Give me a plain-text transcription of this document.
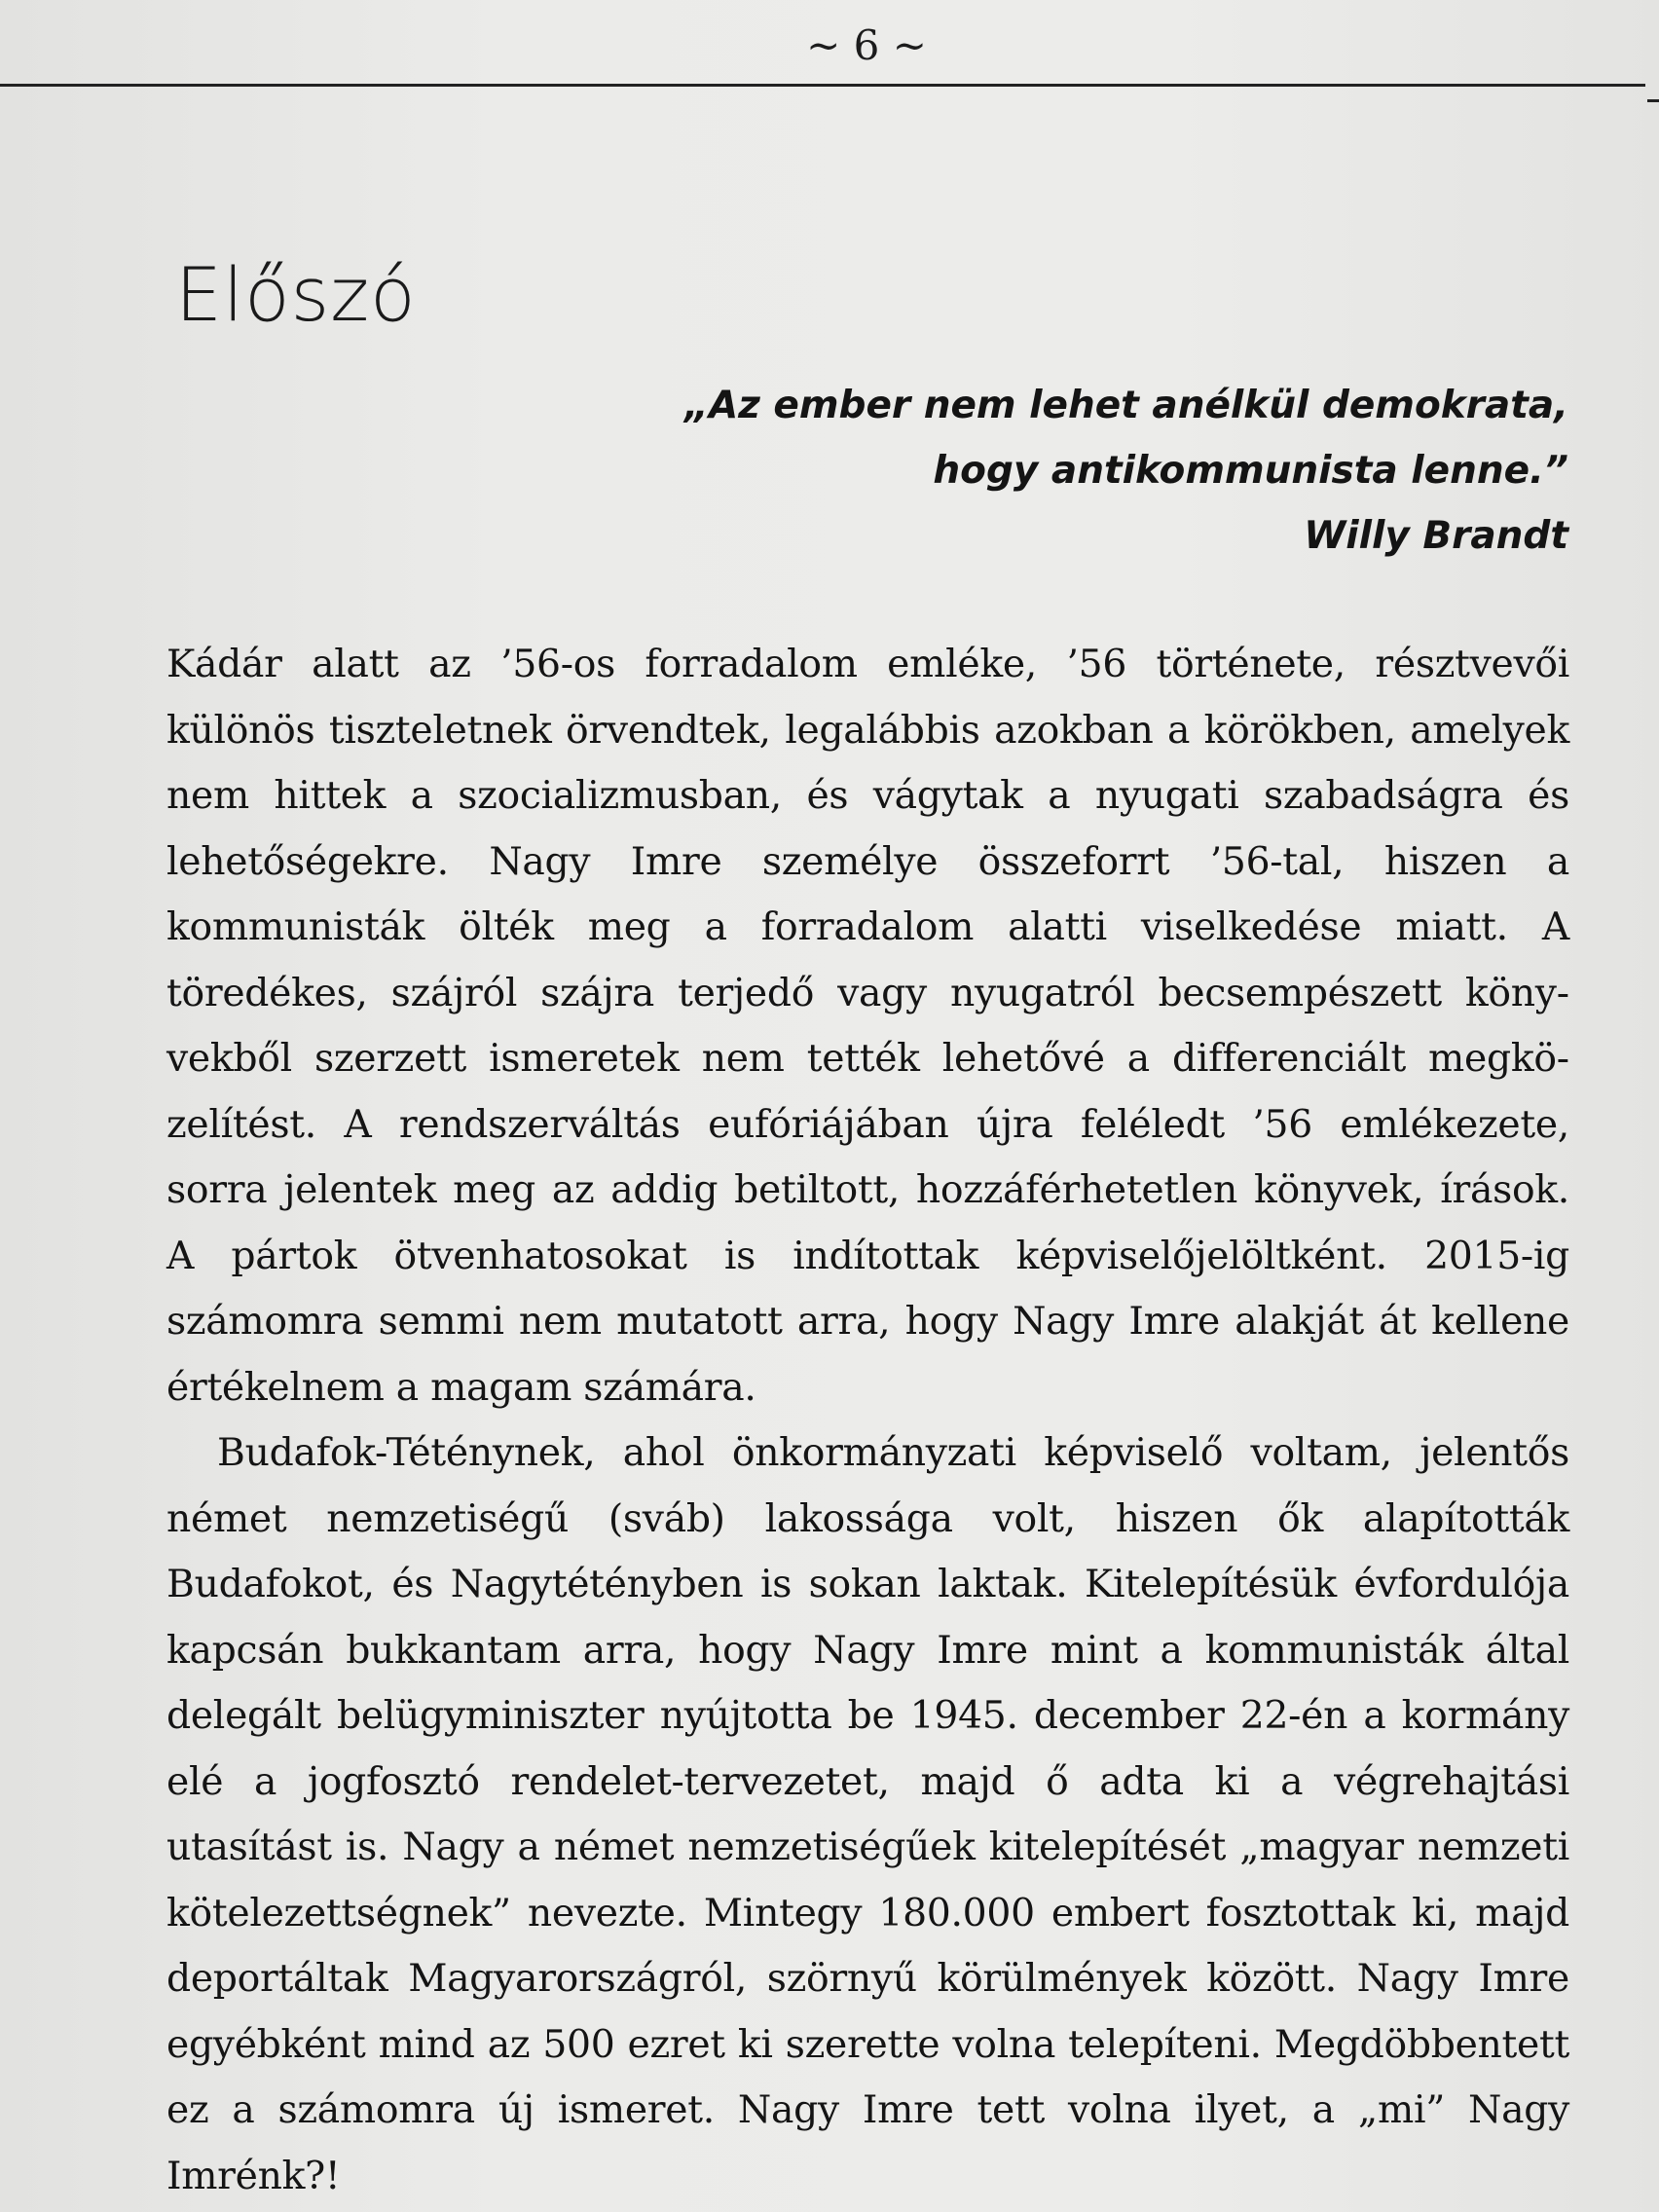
~ 6 ~
Előszó
„Az ember nem lehet anélkül demokrata,
hogy antikommunista lenne.”
Willy Brandt

Kádár alatt az ’56-os forradalom emléke, ’56 története, résztvevői különös tiszteletnek örvendtek, legalábbis azokban a körökben, amelyek nem hittek a szocializmusban, és vágytak a nyugati szabadságra és lehetőségekre. Nagy Imre személye összeforrt ’56-tal, hiszen a kommunisták ölték meg a forradalom alatti viselkedése miatt. A töredékes, szájról szájra terjedő vagy nyugatról becsempészett könyvekből szerzett ismeretek nem tették lehetővé a differenciált megközelítést. A rendszerváltás eufóriájában újra feléledt ’56 emlékezete, sorra jelentek meg az addig betiltott, hozzáférhetetlen könyvek, írások. A pártok ötvenhatosokat is indítottak képviselőjelöltként. 2015-ig számomra semmi nem mutatott arra, hogy Nagy Imre alakját át kellene értékelnem a magam számára.

Budafok-Téténynek, ahol önkormányzati képviselő voltam, jelentős német nemzetiségű (sváb) lakossága volt, hiszen ők alapították Budafokot, és Nagytétényben is sokan laktak. Kitelepítésük évfordulója kapcsán bukkantam arra, hogy Nagy Imre mint a kommunisták által delegált belügyminiszter nyújtotta be 1945. december 22-én a kormány elé a jogfosztó rendelet-tervezetet, majd ő adta ki a végrehajtási utasítást is. Nagy a német nemzetiségűek kitelepítését „magyar nemzeti kötelezettségnek” nevezte. Mintegy 180.000 embert fosztottak ki, majd deportáltak Magyarországról, szörnyű körülmények között. Nagy Imre egyébként mind az 500 ezret ki szerette volna telepíteni. Megdöbbentett ez a számomra új ismeret. Nagy Imre tett volna ilyet, a „mi” Nagy Imrénk?!
